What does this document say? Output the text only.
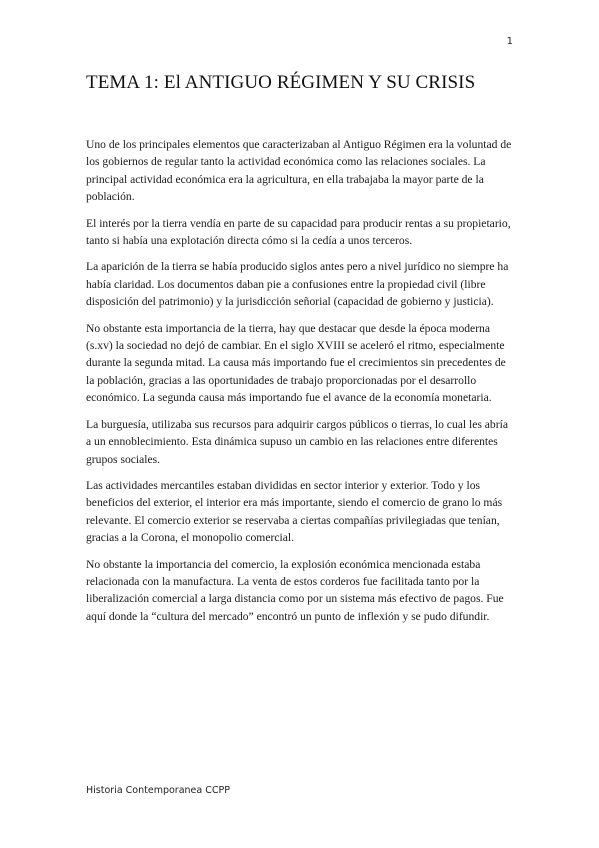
1
TEMA 1: El ANTIGUO RÉGIMEN Y SU CRISIS

Uno de los principales elementos que caracterizaban al Antiguo Régimen era la voluntad de los gobiernos de regular tanto la actividad económica como las relaciones sociales. La principal actividad económica era la agricultura, en ella trabajaba la mayor parte de la población.

El interés por la tierra vendía en parte de su capacidad para producir rentas a su propietario, tanto si había una explotación directa cómo si la cedía a unos terceros.

La aparición de la tierra se había producido siglos antes pero a nivel jurídico no siempre ha había claridad. Los documentos daban pie a confusiones entre la propiedad civil (libre disposición del patrimonio) y la jurisdicción señorial (capacidad de gobierno y justicia).

No obstante esta importancia de la tierra, hay que destacar que desde la época moderna (s.xv) la sociedad no dejó de cambiar. En el siglo XVIII se aceleró el ritmo, especialmente durante la segunda mitad. La causa más importando fue el crecimientos sin precedentes de la población, gracias a las oportunidades de trabajo proporcionadas por el desarrollo económico. La segunda causa más importando fue el avance de la economía monetaria.

La burguesía, utilizaba sus recursos para adquirir cargos públicos o tierras, lo cual les abría a un ennoblecimiento. Esta dinámica supuso un cambio en las relaciones entre diferentes grupos sociales.

Las actividades mercantiles estaban divididas en sector interior y exterior. Todo y los beneficios del exterior, el interior era más importante, siendo el comercio de grano lo más relevante. El comercio exterior se reservaba a ciertas compañías privilegiadas que tenían, gracias a la Corona, el monopolio comercial.

No obstante la importancia del comercio, la explosión económica mencionada estaba relacionada con la manufactura. La venta de estos corderos fue facilitada tanto por la liberalización comercial a larga distancia como por un sistema más efectivo de pagos. Fue aquí donde la “cultura del mercado” encontró un punto de inflexión y se pudo difundir.

Historia Contemporanea CCPP
